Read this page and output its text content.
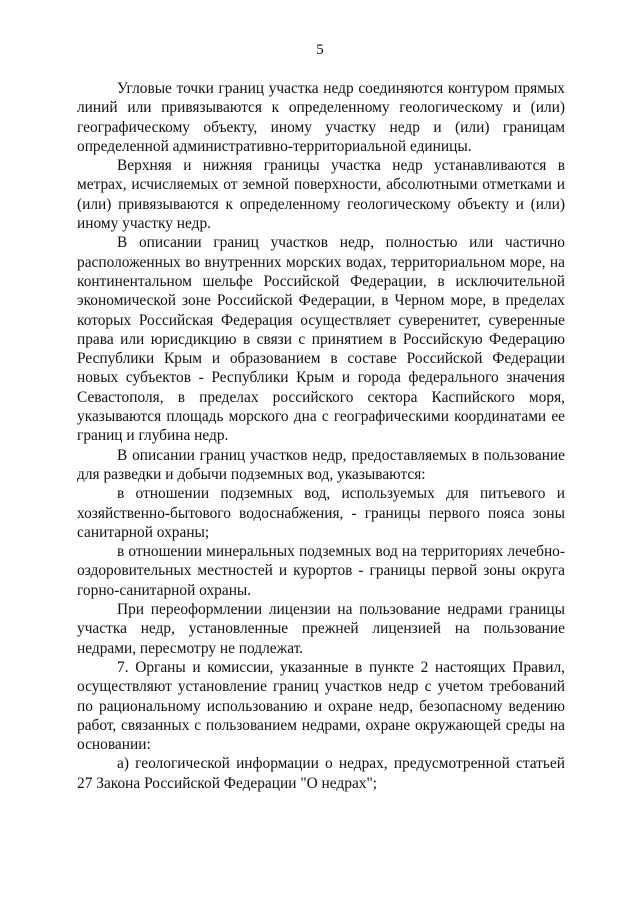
5

Угловые точки границ участка недр соединяются контуром прямых линий или привязываются к определенному геологическому и (или) географическому объекту, иному участку недр и (или) границам определенной административно-территориальной единицы.

Верхняя и нижняя границы участка недр устанавливаются в метрах, исчисляемых от земной поверхности, абсолютными отметками и (или) привязываются к определенному геологическому объекту и (или) иному участку недр.

В описании границ участков недр, полностью или частично расположенных во внутренних морских водах, территориальном море, на континентальном шельфе Российской Федерации, в исключительной экономической зоне Российской Федерации, в Черном море, в пределах которых Российская Федерация осуществляет суверенитет, суверенные права или юрисдикцию в связи с принятием в Российскую Федерацию Республики Крым и образованием в составе Российской Федерации новых субъектов - Республики Крым и города федерального значения Севастополя, в пределах российского сектора Каспийского моря, указываются площадь морского дна с географическими координатами ее границ и глубина недр.

В описании границ участков недр, предоставляемых в пользование для разведки и добычи подземных вод, указываются:

в отношении подземных вод, используемых для питьевого и хозяйственно-бытового водоснабжения, - границы первого пояса зоны санитарной охраны;

в отношении минеральных подземных вод на территориях лечебно-оздоровительных местностей и курортов - границы первой зоны округа горно-санитарной охраны.

При переоформлении лицензии на пользование недрами границы участка недр, установленные прежней лицензией на пользование недрами, пересмотру не подлежат.

7. Органы и комиссии, указанные в пункте 2 настоящих Правил, осуществляют установление границ участков недр с учетом требований по рациональному использованию и охране недр, безопасному ведению работ, связанных с пользованием недрами, охране окружающей среды на основании:

а) геологической информации о недрах, предусмотренной статьей 27 Закона Российской Федерации "О недрах";
